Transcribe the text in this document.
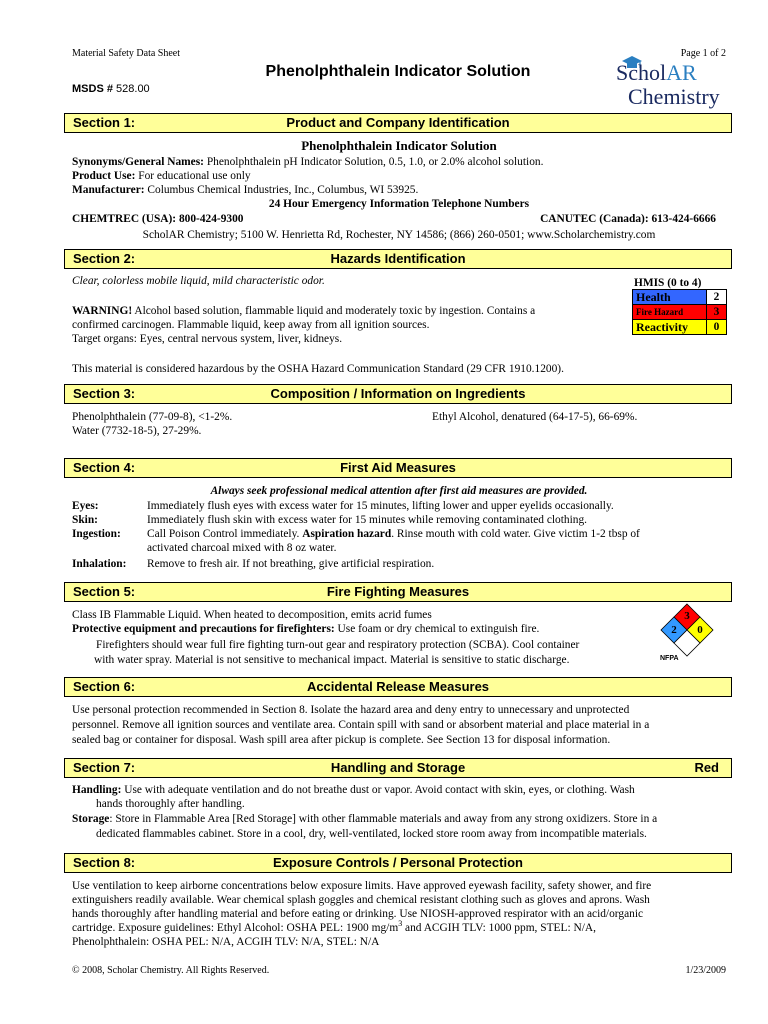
Material Safety Data Sheet	Page 1 of 2
Phenolphthalein Indicator Solution
MSDS # 528.00
ScholAR
Chemistry
Section 1:	Product and Company Identification
Phenolphthalein Indicator Solution
Synonyms/General Names: Phenolphthalein pH Indicator Solution, 0.5, 1.0, or 2.0% alcohol solution.
Product Use: For educational use only
Manufacturer: Columbus Chemical Industries, Inc., Columbus, WI 53925.
24 Hour Emergency Information Telephone Numbers
CHEMTREC (USA): 800-424-9300	CANUTEC (Canada): 613-424-6666
ScholAR Chemistry; 5100 W. Henrietta Rd, Rochester, NY 14586; (866) 260-0501; www.Scholarchemistry.com
Section 2:	Hazards Identification
Clear, colorless mobile liquid, mild characteristic odor.
WARNING! Alcohol based solution, flammable liquid and moderately toxic by ingestion. Contains a
confirmed carcinogen. Flammable liquid, keep away from all ignition sources.
Target organs: Eyes, central nervous system, liver, kidneys.
This material is considered hazardous by the OSHA Hazard Communication Standard (29 CFR 1910.1200).
HMIS (0 to 4)
Health	2
Fire Hazard	3
Reactivity	0
Section 3:	Composition / Information on Ingredients
Phenolphthalein (77-09-8), <1-2%.	Ethyl Alcohol, denatured (64-17-5), 66-69%.
Water (7732-18-5), 27-29%.
Section 4:	First Aid Measures
Always seek professional medical attention after first aid measures are provided.
Eyes:	Immediately flush eyes with excess water for 15 minutes, lifting lower and upper eyelids occasionally.
Skin:	Immediately flush skin with excess water for 15 minutes while removing contaminated clothing.
Ingestion: Call Poison Control immediately. Aspiration hazard. Rinse mouth with cold water. Give victim 1-2 tbsp of
activated charcoal mixed with 8 oz water.
Inhalation: Remove to fresh air. If not breathing, give artificial respiration.
Section 5:	Fire Fighting Measures
Class IB Flammable Liquid. When heated to decomposition, emits acrid fumes
Protective equipment and precautions for firefighters: Use foam or dry chemical to extinguish fire.
Firefighters should wear full fire fighting turn-out gear and respiratory protection (SCBA). Cool container
with water spray. Material is not sensitive to mechanical impact. Material is sensitive to static discharge.
3
2 0
NFPA
Section 6:	Accidental Release Measures
Use personal protection recommended in Section 8. Isolate the hazard area and deny entry to unnecessary and unprotected
personnel. Remove all ignition sources and ventilate area. Contain spill with sand or absorbent material and place material in a
sealed bag or container for disposal. Wash spill area after pickup is complete. See Section 13 for disposal information.
Section 7:	Handling and Storage	Red
Handling: Use with adequate ventilation and do not breathe dust or vapor. Avoid contact with skin, eyes, or clothing. Wash
hands thoroughly after handling.
Storage: Store in Flammable Area [Red Storage] with other flammable materials and away from any strong oxidizers. Store in a
dedicated flammables cabinet. Store in a cool, dry, well-ventilated, locked store room away from incompatible materials.
Section 8:	Exposure Controls / Personal Protection
Use ventilation to keep airborne concentrations below exposure limits. Have approved eyewash facility, safety shower, and fire
extinguishers readily available. Wear chemical splash goggles and chemical resistant clothing such as gloves and aprons. Wash
hands thoroughly after handling material and before eating or drinking. Use NIOSH-approved respirator with an acid/organic
cartridge. Exposure guidelines: Ethyl Alcohol: OSHA PEL: 1900 $mg/m^3$ and ACGIH TLV: 1000 ppm, STEL: N/A,
Phenolphthalein: OSHA PEL: N/A, ACGIH TLV: N/A, STEL: N/A
© 2008, Scholar Chemistry. All Rights Reserved.	1/23/2009
